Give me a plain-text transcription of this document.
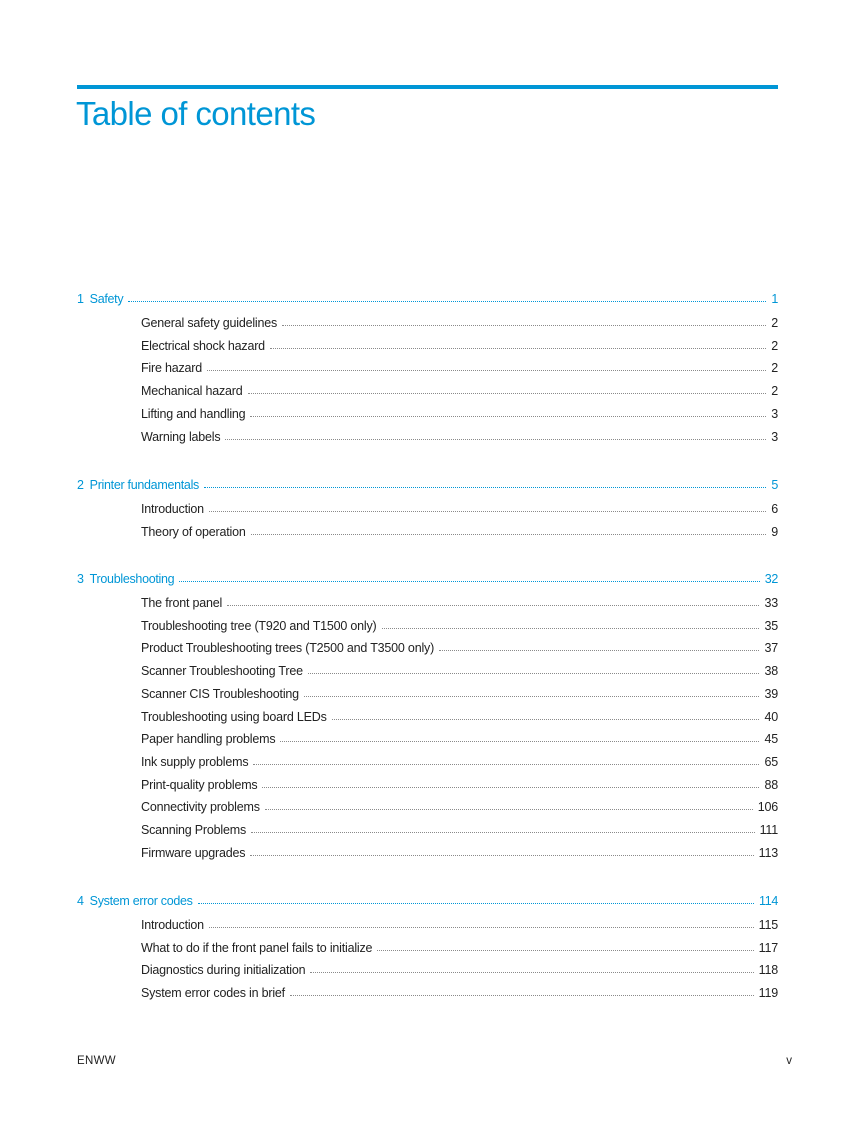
Table of contents
1 Safety	1
General safety guidelines	2
Electrical shock hazard	2
Fire hazard	2
Mechanical hazard	2
Lifting and handling	3
Warning labels	3
2 Printer fundamentals	5
Introduction	6
Theory of operation	9
3 Troubleshooting	32
The front panel	33
Troubleshooting tree (T920 and T1500 only)	35
Product Troubleshooting trees (T2500 and T3500 only)	37
Scanner Troubleshooting Tree	38
Scanner CIS Troubleshooting	39
Troubleshooting using board LEDs	40
Paper handling problems	45
Ink supply problems	65
Print-quality problems	88
Connectivity problems	106
Scanning Problems	111
Firmware upgrades	113
4 System error codes	114
Introduction	115
What to do if the front panel fails to initialize	117
Diagnostics during initialization	118
System error codes in brief	119
ENWW	v
